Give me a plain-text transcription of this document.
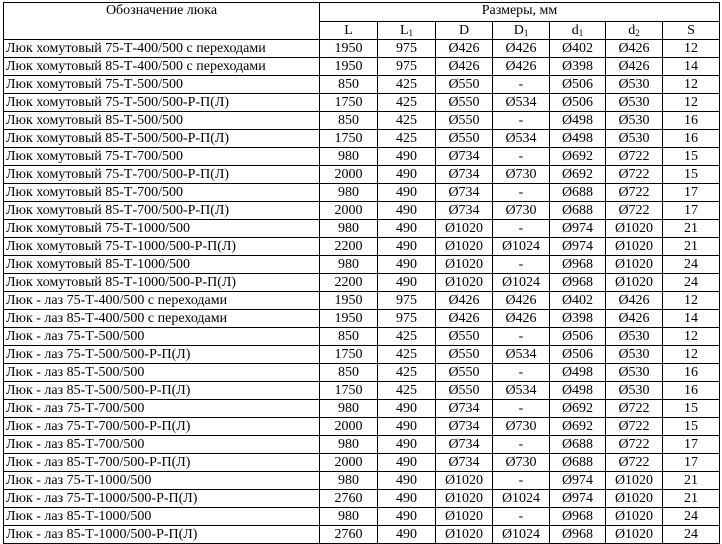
Обозначение люка	Размеры, мм						
	L	$L_1$	D	$D_1$	$d_1$	$d_2$	S
Люк хомутовый 75-Т-400/500 с переходами	1950	975	Ø426	Ø426	Ø402	Ø426	12
Люк хомутовый 85-Т-400/500 с переходами	1950	975	Ø426	Ø426	Ø398	Ø426	14
Люк хомутовый 75-Т-500/500	850	425	Ø550	-	Ø506	Ø530	12
Люк хомутовый 75-Т-500/500-Р-П(Л)	1750	425	Ø550	Ø534	Ø506	Ø530	12
Люк хомутовый 85-Т-500/500	850	425	Ø550	-	Ø498	Ø530	16
Люк хомутовый 85-Т-500/500-Р-П(Л)	1750	425	Ø550	Ø534	Ø498	Ø530	16
Люк хомутовый 75-Т-700/500	980	490	Ø734	-	Ø692	Ø722	15
Люк хомутовый 75-Т-700/500-Р-П(Л)	2000	490	Ø734	Ø730	Ø692	Ø722	15
Люк хомутовый 85-Т-700/500	980	490	Ø734	-	Ø688	Ø722	17
Люк хомутовый 85-Т-700/500-Р-П(Л)	2000	490	Ø734	Ø730	Ø688	Ø722	17
Люк хомутовый 75-Т-1000/500	980	490	Ø1020	-	Ø974	Ø1020	21
Люк хомутовый 75-Т-1000/500-Р-П(Л)	2200	490	Ø1020	Ø1024	Ø974	Ø1020	21
Люк хомутовый 85-Т-1000/500	980	490	Ø1020	-	Ø968	Ø1020	24
Люк хомутовый 85-Т-1000/500-Р-П(Л)	2200	490	Ø1020	Ø1024	Ø968	Ø1020	24
Люк - лаз 75-Т-400/500 с переходами	1950	975	Ø426	Ø426	Ø402	Ø426	12
Люк - лаз 85-Т-400/500 с переходами	1950	975	Ø426	Ø426	Ø398	Ø426	14
Люк - лаз 75-Т-500/500	850	425	Ø550	-	Ø506	Ø530	12
Люк - лаз 75-Т-500/500-Р-П(Л)	1750	425	Ø550	Ø534	Ø506	Ø530	12
Люк - лаз 85-Т-500/500	850	425	Ø550	-	Ø498	Ø530	16
Люк - лаз 85-Т-500/500-Р-П(Л)	1750	425	Ø550	Ø534	Ø498	Ø530	16
Люк - лаз 75-Т-700/500	980	490	Ø734	-	Ø692	Ø722	15
Люк - лаз 75-Т-700/500-Р-П(Л)	2000	490	Ø734	Ø730	Ø692	Ø722	15
Люк - лаз 85-Т-700/500	980	490	Ø734	-	Ø688	Ø722	17
Люк - лаз 85-Т-700/500-Р-П(Л)	2000	490	Ø734	Ø730	Ø688	Ø722	17
Люк - лаз 75-Т-1000/500	980	490	Ø1020	-	Ø974	Ø1020	21
Люк - лаз 75-Т-1000/500-Р-П(Л)	2760	490	Ø1020	Ø1024	Ø974	Ø1020	21
Люк - лаз 85-Т-1000/500	980	490	Ø1020	-	Ø968	Ø1020	24
Люк - лаз 85-Т-1000/500-Р-П(Л)	2760	490	Ø1020	Ø1024	Ø968	Ø1020	24
